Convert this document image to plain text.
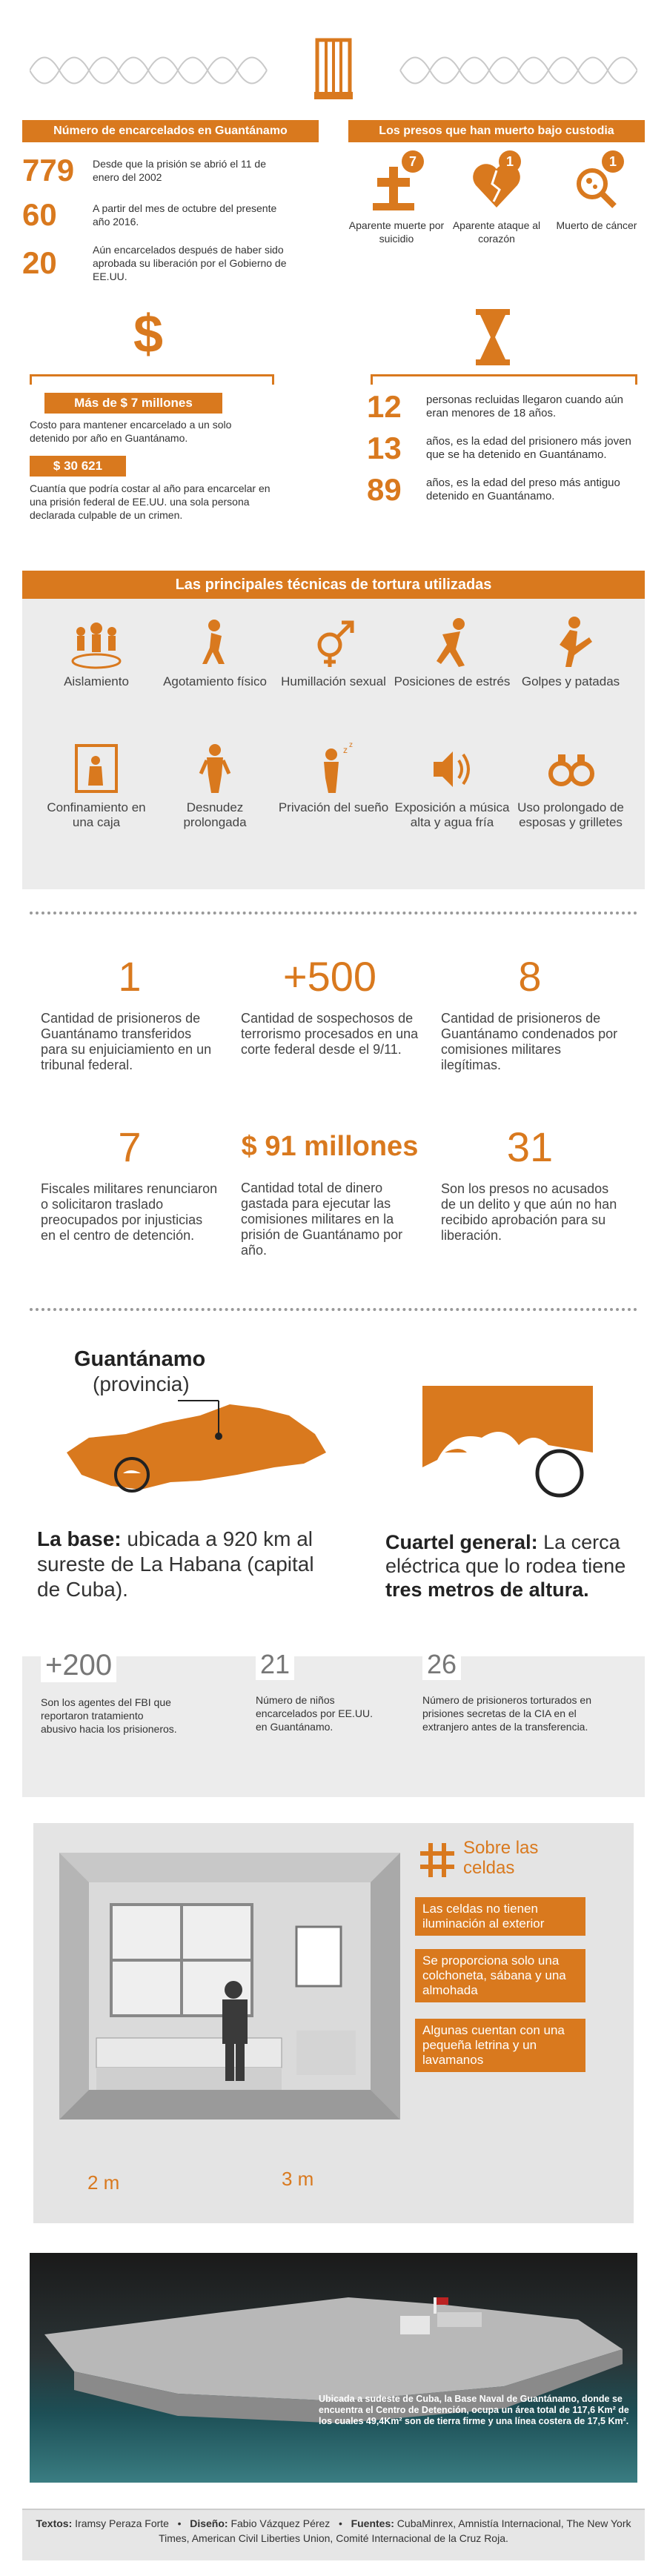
Número de encarcelados en Guantánamo	Los presos que han muerto bajo custodia
779	Desde que la prisión se abrió el 11 de enero del 2002
60	A partir del mes de octubre del presente año 2016.
20	Aún encarcelados después de haber sido aprobada su liberación por el Gobierno de EE.UU.
7
Aparente muerte por suicidio
1
Aparente ataque al corazón
1
Muerto de cáncer
$
Más de $ 7 millones
Costo para mantener encarcelado a un solo detenido por año en Guantánamo.
$ 30 621
Cuantía que podría costar al año para encarcelar en una prisión federal de EE.UU. una sola persona declarada culpable de un crimen.
12	personas recluidas llegaron cuando aún eran menores de 18 años.
13	años, es la edad del prisionero más joven que se ha detenido en Guantánamo.
89	años, es la edad del preso más antiguo detenido en Guantánamo.
Las principales técnicas de tortura utilizadas
Aislamiento	Agotamiento físico	Humillación sexual Posiciones de estrés Golpes y patadas
Confinamiento en una caja
Desnudez prolongada
z z
Privación del sueño Exposición a música alta y agua fría
Uso prolongado de esposas y grilletes
1
Cantidad de prisioneros de Guantánamo transferidos para su enjuiciamiento en un tribunal federal.
+500
Cantidad de sospechosos de terrorismo procesados en una corte federal desde el 9/11.
8
Cantidad de prisioneros de Guantánamo condenados por comisiones militares ilegítimas.
7
Fiscales militares renunciaron o solicitaron traslado preocupados por injusticias en el centro de detención.
$ 91 millones
Cantidad total de dinero gastada para ejecutar las comisiones militares en la prisión de Guantánamo por año.
31
Son los presos no acusados de un delito y que aún no han recibido aprobación para su liberación.
Guantánamo
(provincia)
La base: ubicada a 920 km al sureste de La Habana (capital de Cuba).
Cuartel general: La cerca eléctrica que lo rodea tiene tres metros de altura.
+200
Son los agentes del FBI que reportaron tratamiento abusivo hacia los prisioneros.
21
Número de niños encarcelados por EE.UU. en Guantánamo.
26
Número de prisioneros torturados en prisiones secretas de la CIA en el extranjero antes de la transferencia.
2 m	3 m
Sobre las celdas
Las celdas no tienen iluminación al exterior
Se proporciona solo una colchoneta, sábana y una almohada
Algunas cuentan con una pequeña letrina y un lavamanos
Ubicada a sudeste de Cuba, la Base Naval de Guantánamo, donde se encuentra el Centro de Detención, ocupa un área total de 117,6 Km² de los cuales 49,4Km² son de tierra firme y una línea costera de 17,5 Km².
Textos: Iramsy Peraza Forte   •   Diseño: Fabio Vázquez Pérez   •   Fuentes: CubaMinrex, Amnistía Internacional, The New York Times, American Civil Liberties Union, Comité Internacional de la Cruz Roja.
